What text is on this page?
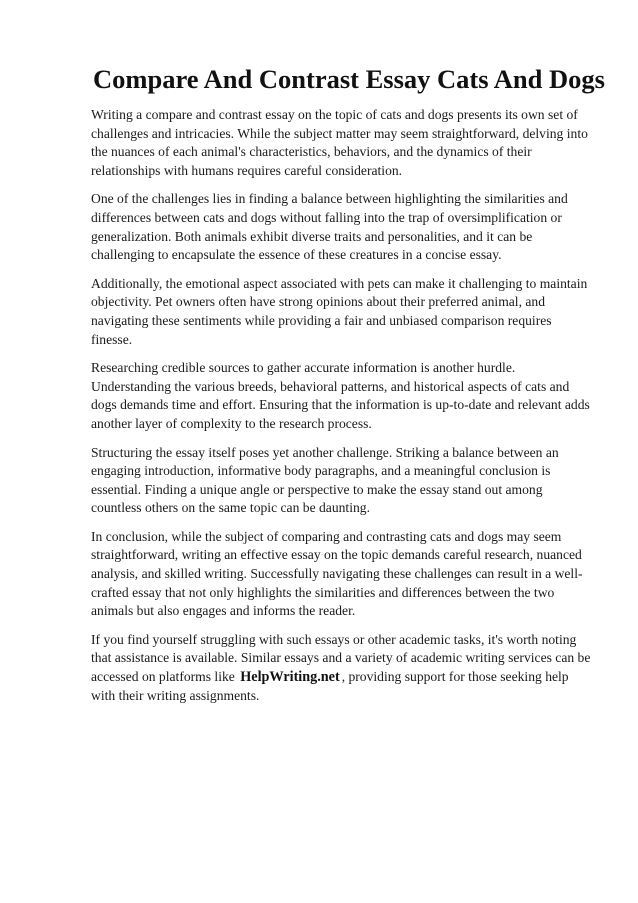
Compare And Contrast Essay Cats And Dogs

Writing a compare and contrast essay on the topic of cats and dogs presents its own set of challenges and intricacies. While the subject matter may seem straightforward, delving into the nuances of each animal's characteristics, behaviors, and the dynamics of their relationships with humans requires careful consideration.

One of the challenges lies in finding a balance between highlighting the similarities and differences between cats and dogs without falling into the trap of oversimplification or generalization. Both animals exhibit diverse traits and personalities, and it can be challenging to encapsulate the essence of these creatures in a concise essay.

Additionally, the emotional aspect associated with pets can make it challenging to maintain objectivity. Pet owners often have strong opinions about their preferred animal, and navigating these sentiments while providing a fair and unbiased comparison requires finesse.

Researching credible sources to gather accurate information is another hurdle. Understanding the various breeds, behavioral patterns, and historical aspects of cats and dogs demands time and effort. Ensuring that the information is up-to-date and relevant adds another layer of complexity to the research process.

Structuring the essay itself poses yet another challenge. Striking a balance between an engaging introduction, informative body paragraphs, and a meaningful conclusion is essential. Finding a unique angle or perspective to make the essay stand out among countless others on the same topic can be daunting.

In conclusion, while the subject of comparing and contrasting cats and dogs may seem straightforward, writing an effective essay on the topic demands careful research, nuanced analysis, and skilled writing. Successfully navigating these challenges can result in a well-crafted essay that not only highlights the similarities and differences between the two animals but also engages and informs the reader.

If you find yourself struggling with such essays or other academic tasks, it's worth noting that assistance is available. Similar essays and a variety of academic writing services can be accessed on platforms like HelpWriting.net , providing support for those seeking help with their writing assignments.
